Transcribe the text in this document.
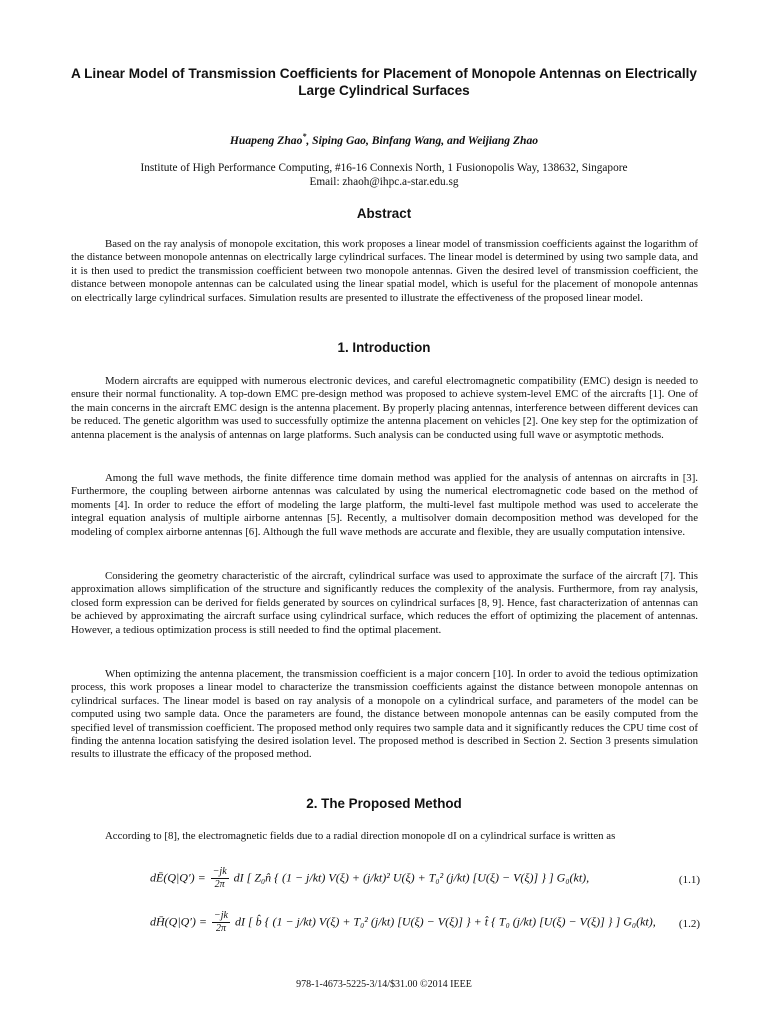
A Linear Model of Transmission Coefficients for Placement of Monopole Antennas on Electrically Large Cylindrical Surfaces
Huapeng Zhao*, Siping Gao, Binfang Wang, and Weijiang Zhao
Institute of High Performance Computing, #16-16 Connexis North, 1 Fusionopolis Way, 138632, Singapore
Email: zhaoh@ihpc.a-star.edu.sg
Abstract

Based on the ray analysis of monopole excitation, this work proposes a linear model of transmission coefficients against the logarithm of the distance between monopole antennas on electrically large cylindrical surfaces. The linear model is determined by using two sample data, and it is then used to predict the transmission coefficient between two monopole antennas. Given the desired level of transmission coefficient, the distance between monopole antennas can be calculated using the linear spatial model, which is useful for the placement of monopole antennas on electrically large cylindrical surfaces. Simulation results are presented to illustrate the effectiveness of the proposed linear model.

1. Introduction

Modern aircrafts are equipped with numerous electronic devices, and careful electromagnetic compatibility (EMC) design is needed to ensure their normal functionality. A top-down EMC pre-design method was proposed to achieve system-level EMC of the aircrafts [1]. One of the main concerns in the aircraft EMC design is the antenna placement. By properly placing antennas, interference between different devices can be reduced. The genetic algorithm was used to successfully optimize the antenna placement on vehicles [2]. One key step for the optimization of antenna placement is the analysis of antennas on large platforms. Such analysis can be conducted using full wave or asymptotic methods.

Among the full wave methods, the finite difference time domain method was applied for the analysis of antennas on aircrafts in [3]. Furthermore, the coupling between airborne antennas was calculated by using the numerical electromagnetic code based on the method of moments [4]. In order to reduce the effort of modeling the large platform, the multi-level fast multipole method was used to accelerate the integral equation analysis of multiple airborne antennas [5]. Recently, a multisolver domain decomposition method was developed for the modeling of complex airborne antennas [6]. Although the full wave methods are accurate and flexible, they are usually computation intensive.

Considering the geometry characteristic of the aircraft, cylindrical surface was used to approximate the surface of the aircraft [7]. This approximation allows simplification of the structure and significantly reduces the complexity of the analysis. Furthermore, from ray analysis, closed form expression can be derived for fields generated by sources on cylindrical surfaces [8, 9]. Hence, fast characterization of antennas can be achieved by approximating the aircraft surface using cylindrical surface, which reduces the effort of optimizing the placement of antennas. However, a tedious optimization process is still needed to find the optimal placement.

When optimizing the antenna placement, the transmission coefficient is a major concern [10]. In order to avoid the tedious optimization process, this work proposes a linear model to characterize the transmission coefficients against the distance between monopole antennas on cylindrical surfaces. The linear model is based on ray analysis of a monopole on a cylindrical surface, and parameters of the model can be computed using two sample data. Once the parameters are found, the distance between monopole antennas can be easily computed from the specified level of transmission coefficient. The proposed method only requires two sample data and it significantly reduces the CPU time cost of finding the antenna location satisfying the desired isolation level. The proposed method is described in Section 2. Section 3 presents simulation results to illustrate the efficacy of the proposed method.

2. The Proposed Method

According to [8], the electromagnetic fields due to a radial direction monopole dI on a cylindrical surface is written as

dĒ(Q|Q′) = $\frac{-jk}{2\pi}$ dI [ Z₀n̂ { (1 − j/kt) V(ξ) + (j/kt)² U(ξ) + T₀² (j/kt) [U(ξ) − V(ξ)] } ] G₀(kt),	(1.1)
dH̄(Q|Q′) = $\frac{-jk}{2\pi}$ dI [ b̂ { (1 − j/kt) V(ξ) + T₀² (j/kt) [U(ξ) − V(ξ)] } + t̂ { T₀ (j/kt) [U(ξ) − V(ξ)] } ] G₀(kt), (1.2)
978-1-4673-5225-3/14/$31.00 ©2014 IEEE
